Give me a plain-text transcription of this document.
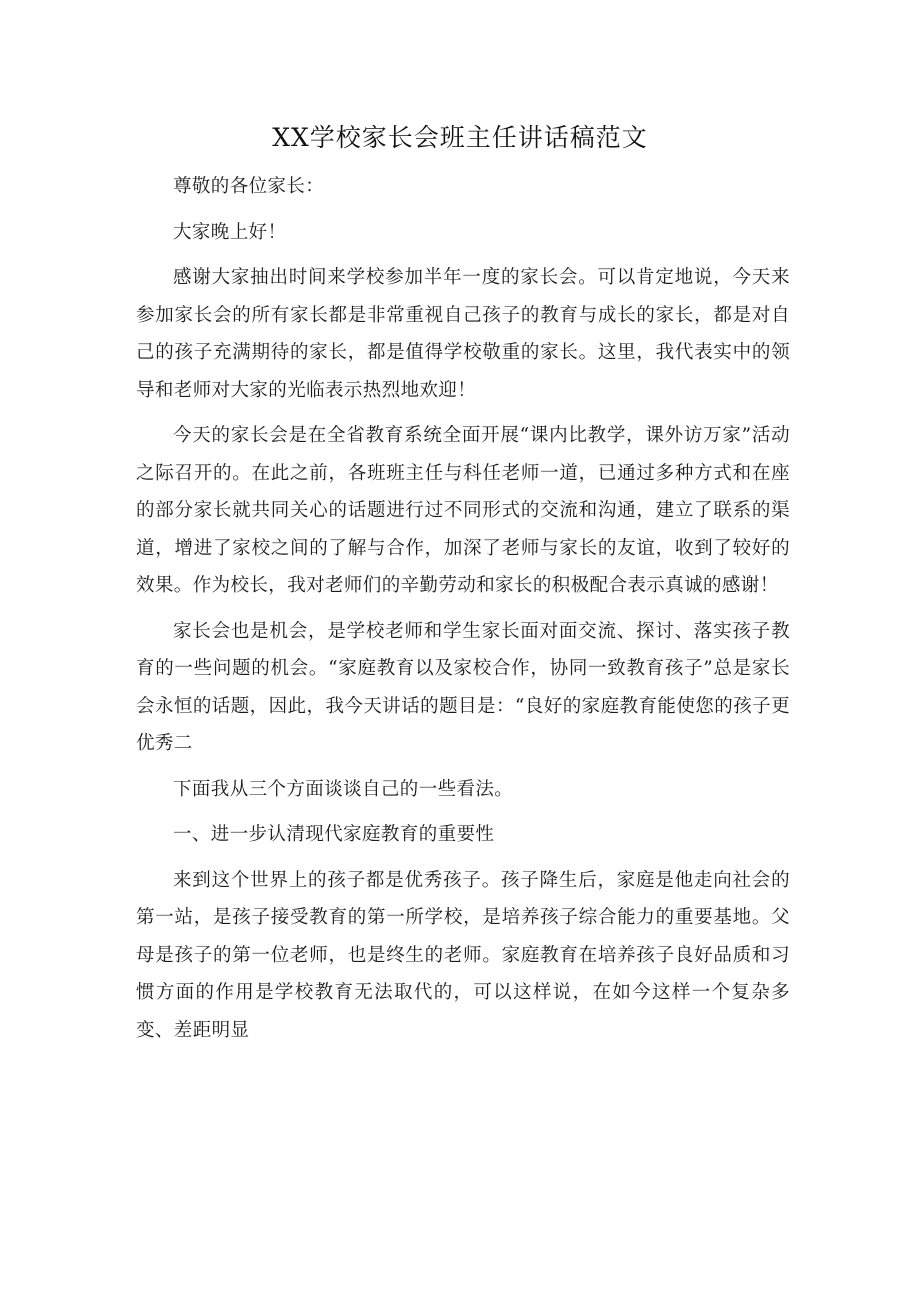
XX学校家长会班主任讲话稿范文

尊敬的各位家长：

大家晚上好！

感谢大家抽出时间来学校参加半年一度的家长会。可以肯定地说，今天来参加家长会的所有家长都是非常重视自己孩子的教育与成长的家长，都是对自己的孩子充满期待的家长，都是值得学校敬重的家长。这里，我代表实中的领导和老师对大家的光临表示热烈地欢迎！

今天的家长会是在全省教育系统全面开展“课内比教学，课外访万家”活动之际召开的。在此之前，各班班主任与科任老师一道，已通过多种方式和在座的部分家长就共同关心的话题进行过不同形式的交流和沟通，建立了联系的渠道，增进了家校之间的了解与合作，加深了老师与家长的友谊，收到了较好的效果。作为校长，我对老师们的辛勤劳动和家长的积极配合表示真诚的感谢！

家长会也是机会，是学校老师和学生家长面对面交流、探讨、落实孩子教育的一些问题的机会。“家庭教育以及家校合作，协同一致教育孩子”总是家长会永恒的话题，因此，我今天讲话的题目是：“良好的家庭教育能使您的孩子更优秀二

下面我从三个方面谈谈自己的一些看法。

一、进一步认清现代家庭教育的重要性

来到这个世界上的孩子都是优秀孩子。孩子降生后，家庭是他走向社会的第一站，是孩子接受教育的第一所学校，是培养孩子综合能力的重要基地。父母是孩子的第一位老师，也是终生的老师。家庭教育在培养孩子良好品质和习惯方面的作用是学校教育无法取代的，可以这样说，在如今这样一个复杂多变、差距明显
